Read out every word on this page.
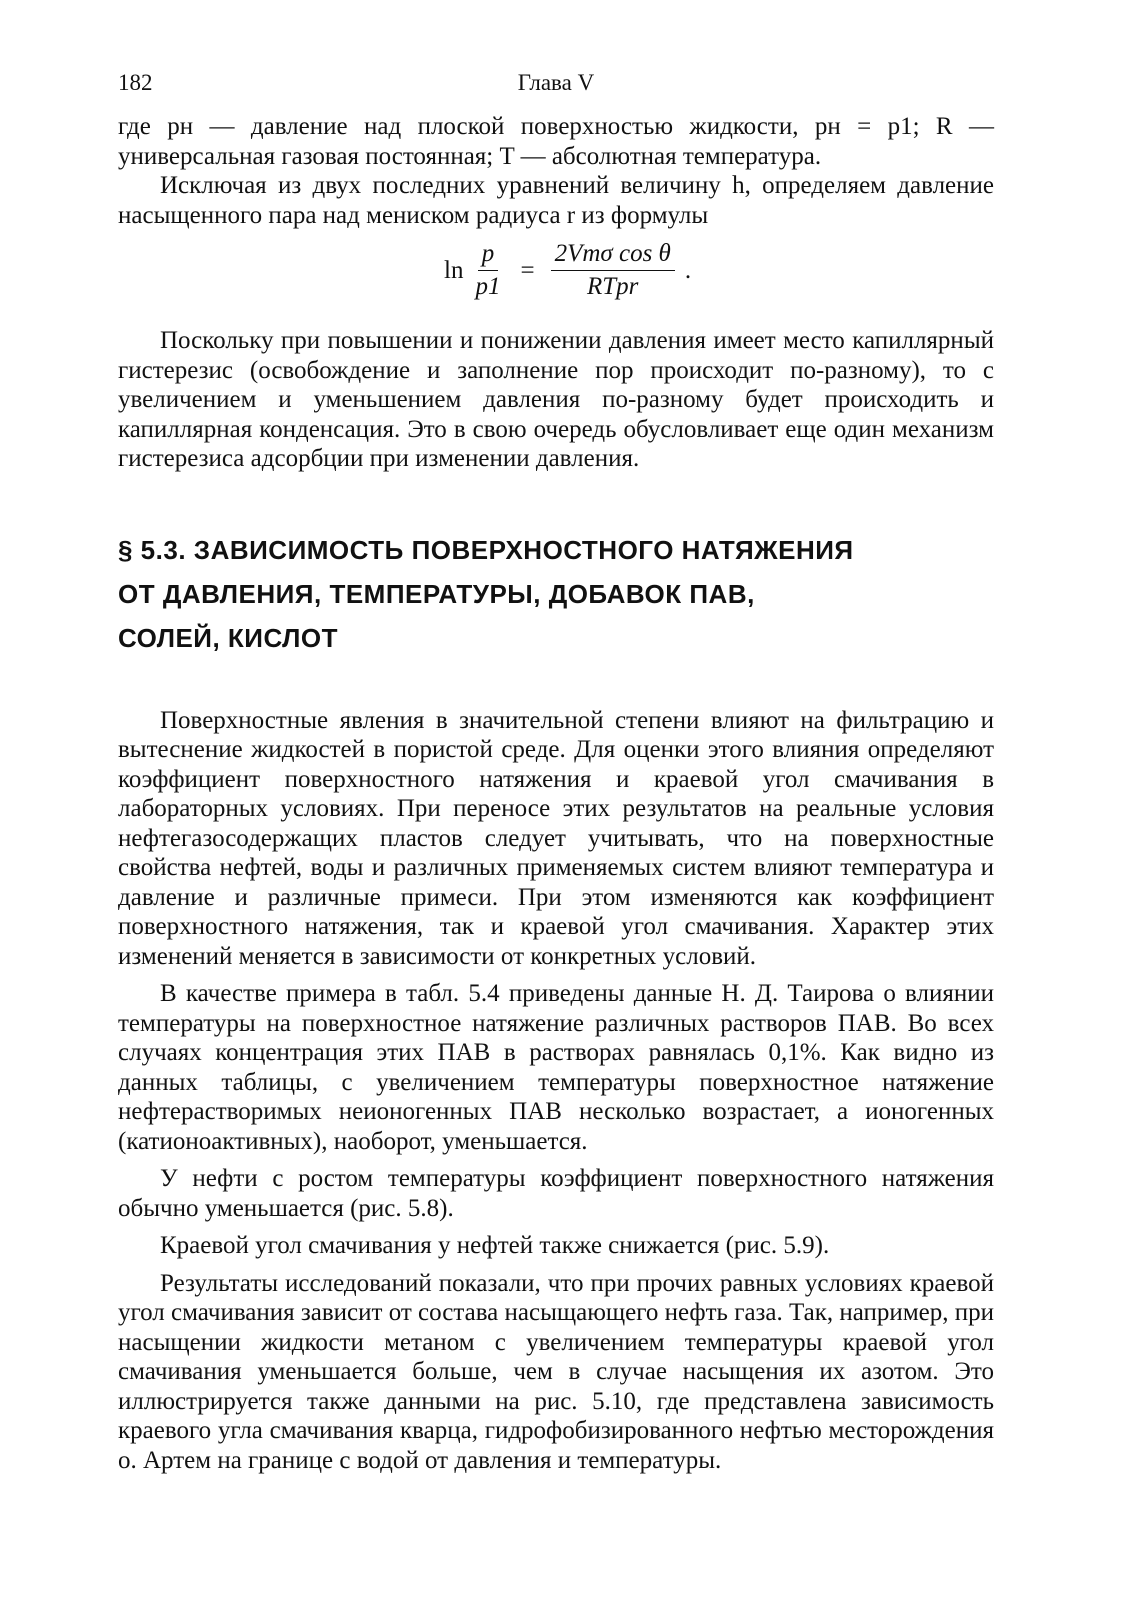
182	Глава V

где pн — давление над плоской поверхностью жидкости, pн = p1; R — универсальная газовая постоянная; T — абсолютная температура.

Исключая из двух последних уравнений величину h, определяем давление насыщенного пара над мениском радиуса r из формулы

$\ln \frac{p}{p1} = \frac{\text{2Vmσ cos θ}}{\text{RTpr}}$ .

Поскольку при повышении и понижении давления имеет место капиллярный гистерезис (освобождение и заполнение пор происходит по-разному), то с увеличением и уменьшением давления по-разному будет происходить и капиллярная конденсация. Это в свою очередь обусловливает еще один механизм гистерезиса адсорбции при изменении давления.

§ 5.3. ЗАВИСИМОСТЬ ПОВЕРХНОСТНОГО НАТЯЖЕНИЯ
ОТ ДАВЛЕНИЯ, ТЕМПЕРАТУРЫ, ДОБАВОК ПАВ,
СОЛЕЙ, КИСЛОТ

Поверхностные явления в значительной степени влияют на фильтрацию и вытеснение жидкостей в пористой среде. Для оценки этого влияния определяют коэффициент поверхностного натяжения и краевой угол смачивания в лабораторных условиях. При переносе этих результатов на реальные условия нефтегазосодержащих пластов следует учитывать, что на поверхностные свойства нефтей, воды и различных применяемых систем влияют температура и давление и различные примеси. При этом изменяются как коэффициент поверхностного натяжения, так и краевой угол смачивания. Характер этих изменений меняется в зависимости от конкретных условий.

В качестве примера в табл. 5.4 приведены данные Н. Д. Таирова о влиянии температуры на поверхностное натяжение различных растворов ПАВ. Во всех случаях концентрация этих ПАВ в растворах равнялась 0,1%. Как видно из данных таблицы, с увеличением температуры поверхностное натяжение нефтерастворимых неионогенных ПАВ несколько возрастает, а ионогенных (катионоактивных), наоборот, уменьшается.

У нефти с ростом температуры коэффициент поверхностного натяжения обычно уменьшается (рис. 5.8).

Краевой угол смачивания у нефтей также снижается (рис. 5.9).

Результаты исследований показали, что при прочих равных условиях краевой угол смачивания зависит от состава насыщающего нефть газа. Так, например, при насыщении жидкости метаном с увеличением температуры краевой угол смачивания уменьшается больше, чем в случае насыщения их азотом. Это иллюстрируется также данными на рис. 5.10, где представлена зависимость краевого угла смачивания кварца, гидрофобизированного нефтью месторождения о. Артем на границе с водой от давления и температуры.
